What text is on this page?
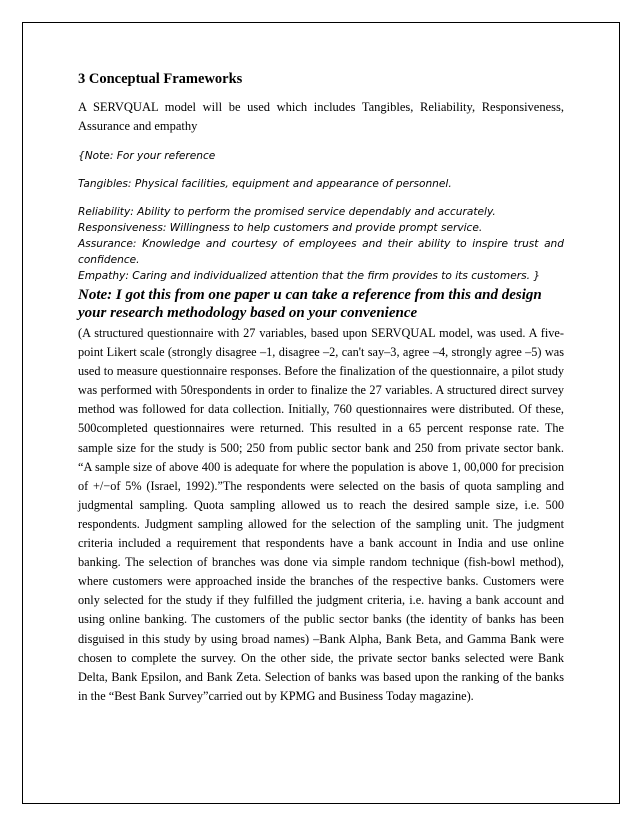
3 Conceptual Frameworks

A SERVQUAL model will be used which includes Tangibles, Reliability, Responsiveness, Assurance and empathy

{Note: For your reference

Tangibles: Physical facilities, equipment and appearance of personnel.

Reliability: Ability to perform the promised service dependably and accurately.

Responsiveness: Willingness to help customers and provide prompt service.

Assurance: Knowledge and courtesy of employees and their ability to inspire trust and confidence.

Empathy: Caring and individualized attention that the firm provides to its customers. }

Note: I got this from one paper u can take a reference from this and design your research methodology based on your convenience

(A structured questionnaire with 27 variables, based upon SERVQUAL model, was used. A five-point Likert scale (strongly disagree –1, disagree –2, can't say–3, agree –4, strongly agree –5) was used to measure questionnaire responses. Before the finalization of the questionnaire, a pilot study was performed with 50respondents in order to finalize the 27 variables. A structured direct survey method was followed for data collection. Initially, 760 questionnaires were distributed. Of these, 500completed questionnaires were returned. This resulted in a 65 percent response rate. The sample size for the study is 500; 250 from public sector bank and 250 from private sector bank. “A sample size of above 400 is adequate for where the population is above 1, 00,000 for precision of +/−of 5% (Israel, 1992).”The respondents were selected on the basis of quota sampling and judgmental sampling. Quota sampling allowed us to reach the desired sample size, i.e. 500 respondents. Judgment sampling allowed for the selection of the sampling unit. The judgment criteria included a requirement that respondents have a bank account in India and use online banking. The selection of branches was done via simple random technique (fish-bowl method), where customers were approached inside the branches of the respective banks. Customers were only selected for the study if they fulfilled the judgment criteria, i.e. having a bank account and using online banking. The customers of the public sector banks (the identity of banks has been disguised in this study by using broad names) –Bank Alpha, Bank Beta, and Gamma Bank were chosen to complete the survey. On the other side, the private sector banks selected were Bank Delta, Bank Epsilon, and Bank Zeta. Selection of banks was based upon the ranking of the banks in the “Best Bank Survey”carried out by KPMG and Business Today magazine).
